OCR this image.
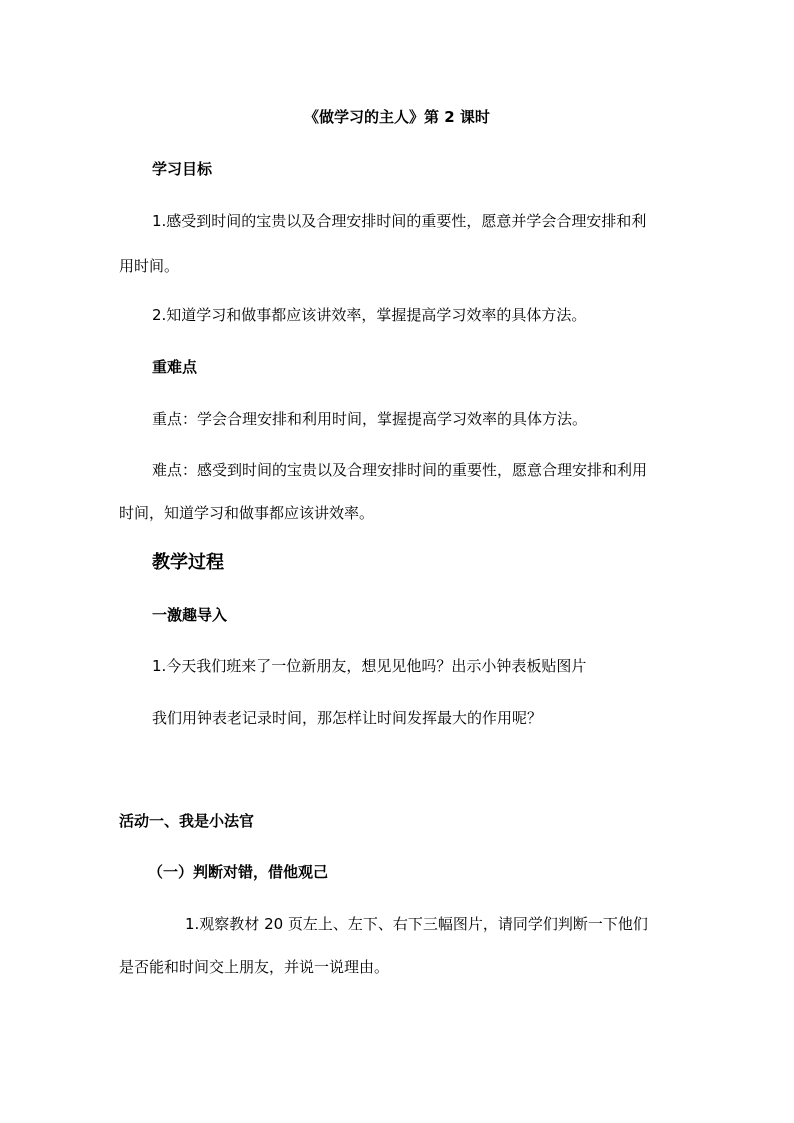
《做学习的主人》第 2 课时

学习目标

1.感受到时间的宝贵以及合理安排时间的重要性，愿意并学会合理安排和利

用时间。

2.知道学习和做事都应该讲效率，掌握提高学习效率的具体方法。

重难点

重点：学会合理安排和利用时间，掌握提高学习效率的具体方法。

难点：感受到时间的宝贵以及合理安排时间的重要性，愿意合理安排和利用

时间，知道学习和做事都应该讲效率。

教学过程

一激趣导入

1.今天我们班来了一位新朋友，想见见他吗？出示小钟表板贴图片

我们用钟表老记录时间，那怎样让时间发挥最大的作用呢？

活动一、我是小法官

（一）判断对错，借他观己

1.观察教材 20 页左上、左下、右下三幅图片，请同学们判断一下他们

是否能和时间交上朋友，并说一说理由。
